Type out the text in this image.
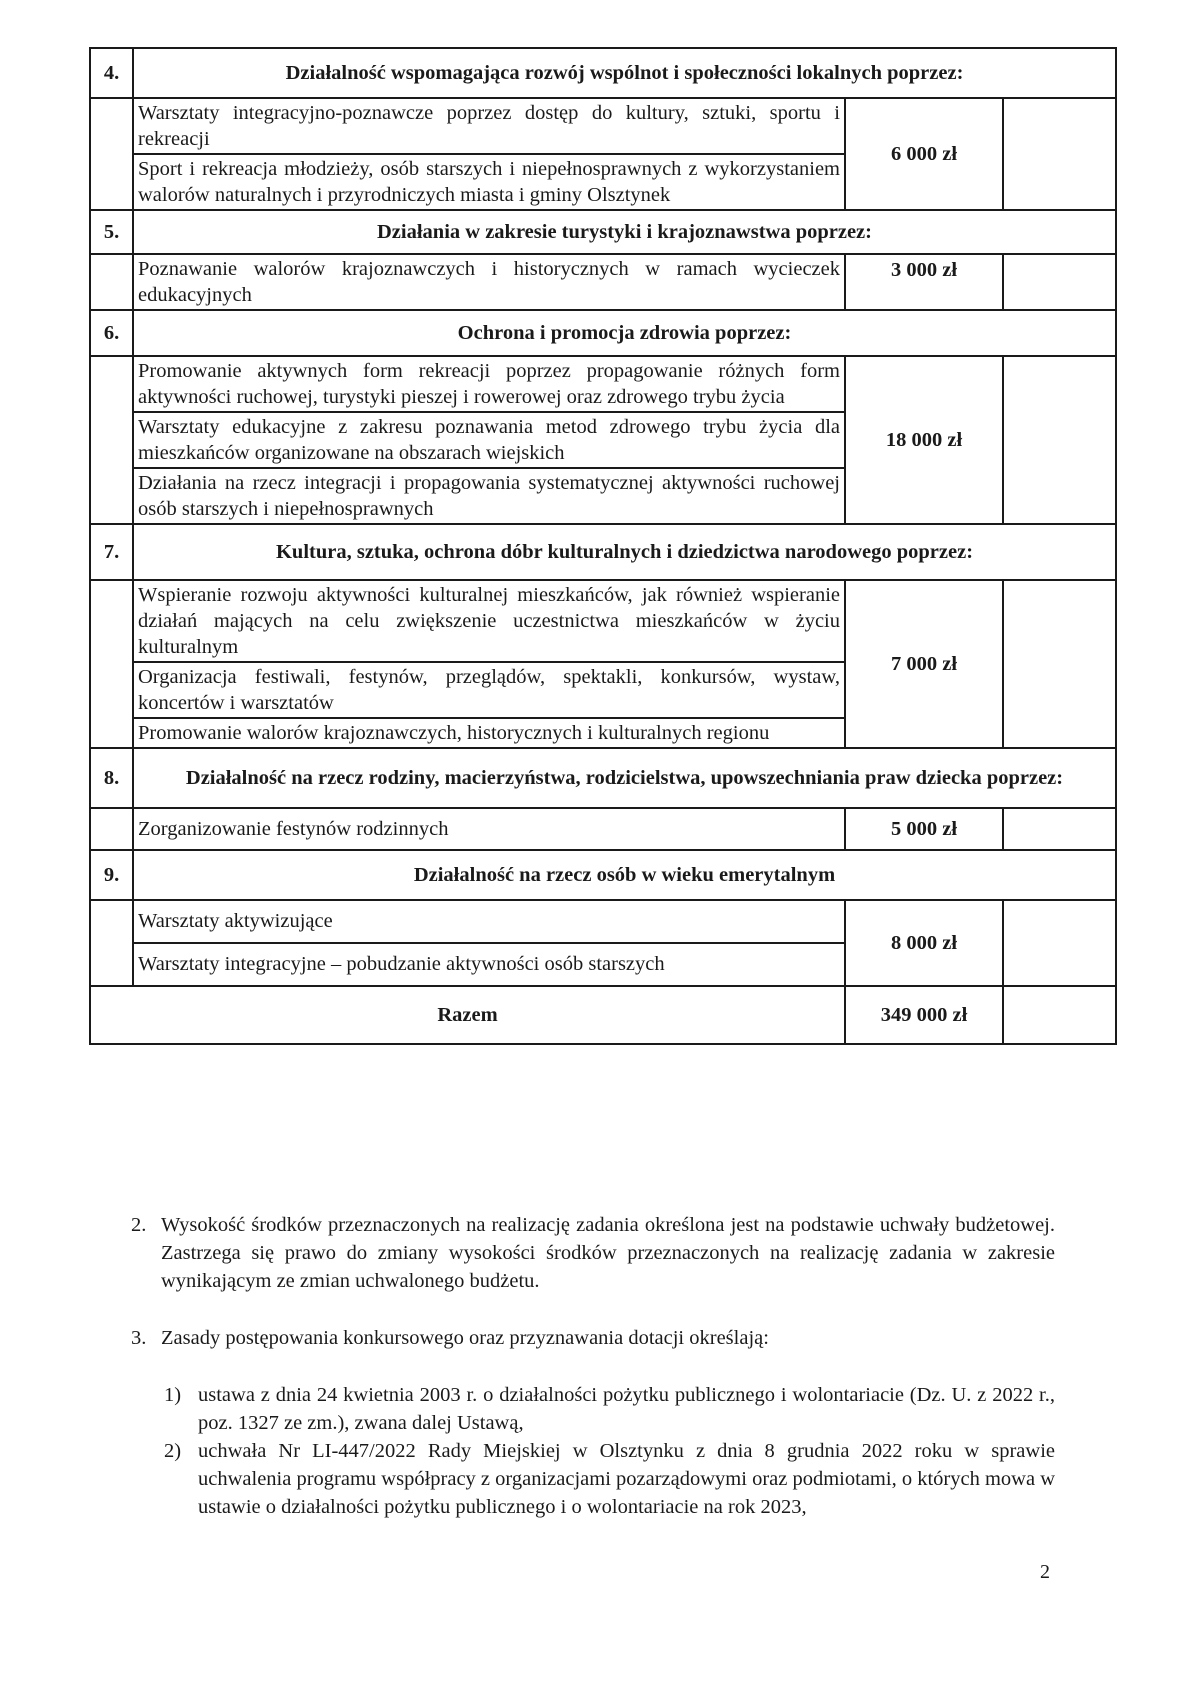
4.	Działalność wspomagająca rozwój wspólnot i społeczności lokalnych poprzez:		

	Warsztaty integracyjno-poznawcze poprzez dostęp do kultury, sztuki, sportu i rekreacji
Sport i rekreacja młodzieży, osób starszych i niepełnosprawnych z wykorzystaniem walorów naturalnych i przyrodniczych miasta i gminy Olsztynek	6 000 zł	
5.	Działania w zakresie turystyki i krajoznawstwa poprzez:		

	Poznawanie walorów krajoznawczych i historycznych w ramach wycieczek edukacyjnych	3 000 zł	
6.	Ochrona i promocja zdrowia poprzez:		

	Promowanie aktywnych form rekreacji poprzez propagowanie różnych form aktywności ruchowej, turystyki pieszej i rowerowej oraz zdrowego trybu życia
Warsztaty edukacyjne z zakresu poznawania metod zdrowego trybu życia dla mieszkańców organizowane na obszarach wiejskich
Działania na rzecz integracji i propagowania systematycznej aktywności ruchowej osób starszych i niepełnosprawnych	18 000 zł	
7.	Kultura, sztuka, ochrona dóbr kulturalnych i dziedzictwa narodowego poprzez:		

	Wspieranie rozwoju aktywności kulturalnej mieszkańców, jak również wspieranie działań mających na celu zwiększenie uczestnictwa mieszkańców w życiu kulturalnym
Organizacja festiwali, festynów, przeglądów, spektakli, konkursów, wystaw, koncertów i warsztatów
Promowanie walorów krajoznawczych, historycznych i kulturalnych regionu	7 000 zł	
8.	Działalność na rzecz rodziny, macierzyństwa, rodzicielstwa, upowszechniania praw dziecka poprzez:		

	Zorganizowanie festynów rodzinnych	5 000 zł	
9.	Działalność na rzecz osób w wieku emerytalnym		

	Warsztaty aktywizujące
Warsztaty integracyjne – pobudzanie aktywności osób starszych	8 000 zł	
Razem		349 000 zł	
2. Wysokość środków przeznaczonych na realizację zadania określona jest na podstawie uchwały budżetowej. Zastrzega się prawo do zmiany wysokości środków przeznaczonych na realizację zadania w zakresie wynikającym ze zmian uchwalonego budżetu.
3. Zasady postępowania konkursowego oraz przyznawania dotacji określają:
1) ustawa z dnia 24 kwietnia 2003 r. o działalności pożytku publicznego i wolontariacie (Dz. U. z 2022 r., poz. 1327 ze zm.), zwana dalej Ustawą,
2) uchwała Nr LI-447/2022 Rady Miejskiej w Olsztynku z dnia 8 grudnia 2022 roku w sprawie uchwalenia programu współpracy z organizacjami pozarządowymi oraz podmiotami, o których mowa w ustawie o działalności pożytku publicznego i o wolontariacie na rok 2023,
2
